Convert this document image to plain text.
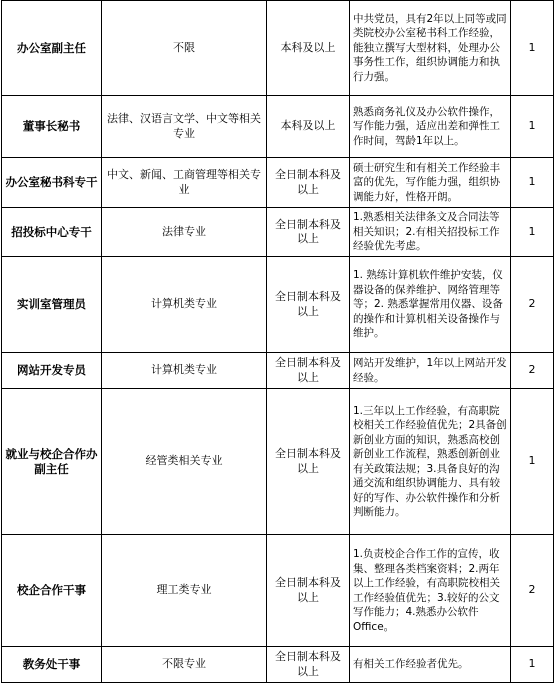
办公室副主任	不限	本科及以上	中共党员，具有2年以上同等或同类院校办公室秘书科工作经验，能独立撰写大型材料，处理办公事务性工作，组织协调能力和执行力强。	1
董事长秘书	法律、汉语言文学、中文等相关专业	本科及以上	熟悉商务礼仪及办公软件操作，写作能力强，适应出差和弹性工作时间，驾龄1年以上。	1
办公室秘书科专干	中文、新闻、工商管理等相关专业	全日制本科及以上	硕士研究生和有相关工作经验丰富的优先，写作能力强，组织协调能力好，性格开朗。	1
招投标中心专干	法律专业	全日制本科及以上	1.熟悉相关法律条文及合同法等相关知识；2.有相关招投标工作经验优先考虑。	1
实训室管理员	计算机类专业	全日制本科及以上	1. 熟练计算机软件维护安装，仪器设备的保养维护、网络管理等等；2. 熟悉掌握常用仪器、设备的操作和计算机相关设备操作与维护。	2
网站开发专员	计算机类专业	全日制本科及以上	网站开发维护，1年以上网站开发经验。	2
就业与校企合作办副主任	经管类相关专业	全日制本科及以上	1.三年以上工作经验，有高职院校相关工作经验值优先；2具备创新创业方面的知识，熟悉高校创新创业工作流程，熟悉创新创业有关政策法规；3.具备良好的沟通交流和组织协调能力、具有较好的写作、办公软件操作和分析判断能力。	1
校企合作干事	理工类专业	全日制本科及以上	1.负责校企合作工作的宣传，收集、整理各类档案资料；2.两年以上工作经验，有高职院校相关工作经验值优先；3.较好的公文写作能力；4.熟悉办公软件Office。	2
教务处干事	不限专业	全日制本科及以上	有相关工作经验者优先。	1
